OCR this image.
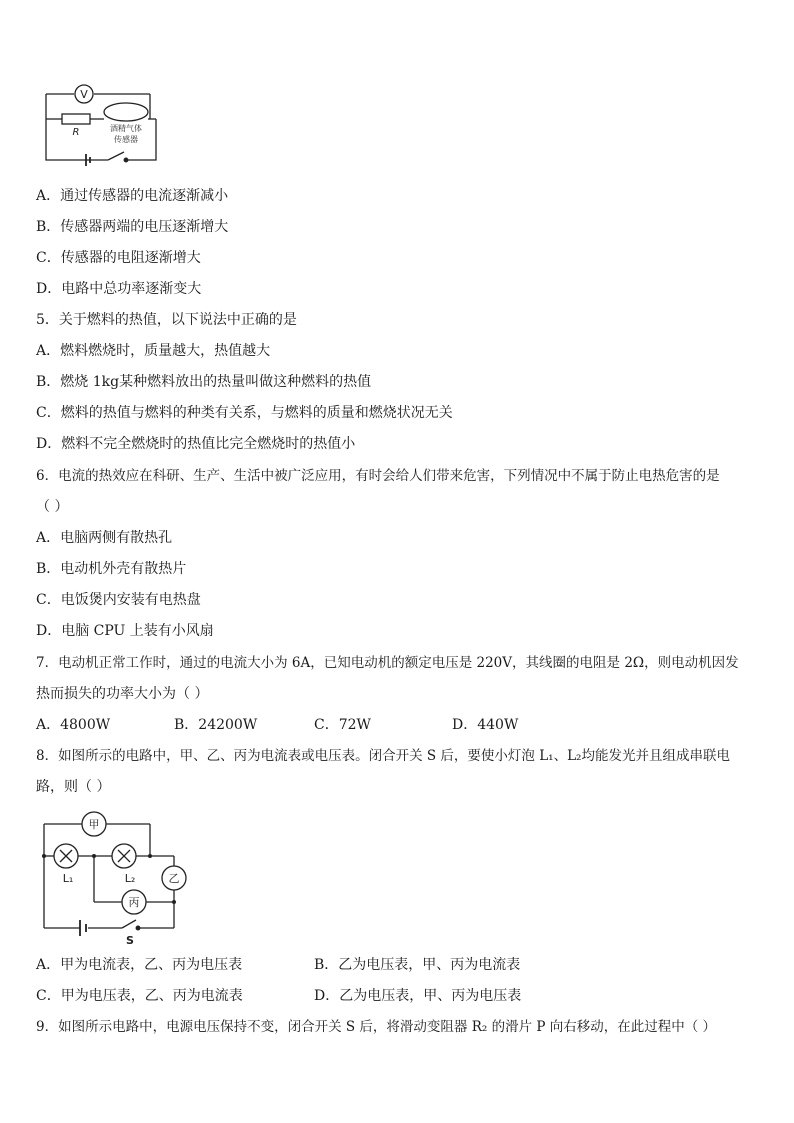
V
R	酒精气体
传感器
A．通过传感器的电流逐渐减小
B．传感器两端的电压逐渐增大
C．传感器的电阻逐渐增大
D．电路中总功率逐渐变大
5．关于燃料的热值，以下说法中正确的是
A．燃料燃烧时，质量越大，热值越大
B．燃烧 1kg某种燃料放出的热量叫做这种燃料的热值
C．燃料的热值与燃料的种类有关系，与燃料的质量和燃烧状况无关
D．燃料不完全燃烧时的热值比完全燃烧时的热值小
6．电流的热效应在科研、生产、生活中被广泛应用，有时会给人们带来危害，下列情况中不属于防止电热危害的是
（ ）
A．电脑两侧有散热孔
B．电动机外壳有散热片
C．电饭煲内安装有电热盘
D．电脑 CPU 上装有小风扇
7．电动机正常工作时，通过的电流大小为 6A，已知电动机的额定电压是 220V，其线圈的电阻是 2Ω，则电动机因发
热而损失的功率大小为（ ）
A．4800W	B．24200W	C．72W	D．440W
8．如图所示的电路中，甲、乙、丙为电流表或电压表。闭合开关 S 后，要使小灯泡 L₁、L₂均能发光并且组成串联电
路，则（ ）
甲
乙
丙
L₁	L₂
S
A．甲为电流表，乙、丙为电压表	B．乙为电压表，甲、丙为电流表
C．甲为电压表，乙、丙为电流表	D．乙为电压表，甲、丙为电压表
9．如图所示电路中，电源电压保持不变，闭合开关 S 后，将滑动变阻器 R₂ 的滑片 P 向右移动，在此过程中（ ）
